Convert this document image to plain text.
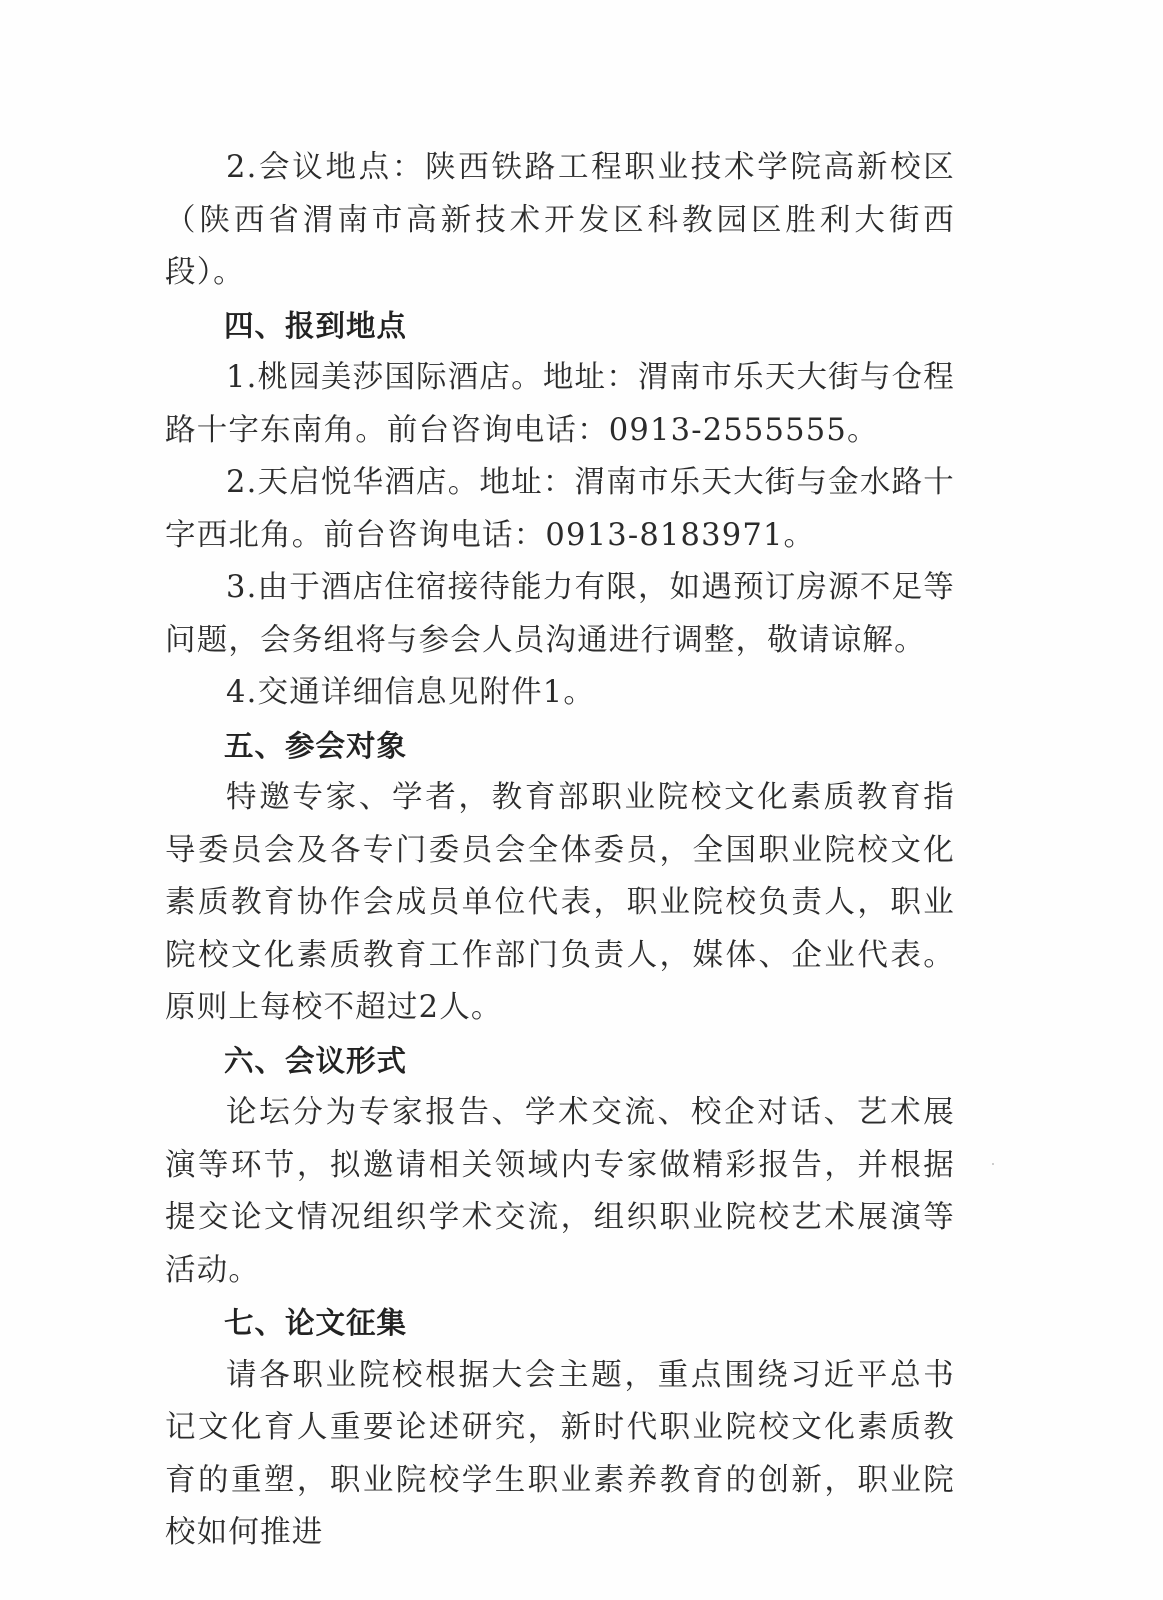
2.会议地点：陕西铁路工程职业技术学院高新校区（陕西省渭南市高新技术开发区科教园区胜利大街西段）。

四、报到地点

1.桃园美莎国际酒店。地址：渭南市乐天大街与仓程路十字东南角。前台咨询电话：0913-2555555。

2.天启悦华酒店。地址：渭南市乐天大街与金水路十字西北角。前台咨询电话：0913-8183971。

3.由于酒店住宿接待能力有限，如遇预订房源不足等问题，会务组将与参会人员沟通进行调整，敬请谅解。

4.交通详细信息见附件1。

五、参会对象

特邀专家、学者，教育部职业院校文化素质教育指导委员会及各专门委员会全体委员，全国职业院校文化素质教育协作会成员单位代表，职业院校负责人，职业院校文化素质教育工作部门负责人，媒体、企业代表。原则上每校不超过2人。

六、会议形式

论坛分为专家报告、学术交流、校企对话、艺术展演等环节，拟邀请相关领域内专家做精彩报告，并根据提交论文情况组织学术交流，组织职业院校艺术展演等活动。

七、论文征集

请各职业院校根据大会主题，重点围绕习近平总书记文化育人重要论述研究，新时代职业院校文化素质教育的重塑，职业院校学生职业素养教育的创新，职业院校如何推进
